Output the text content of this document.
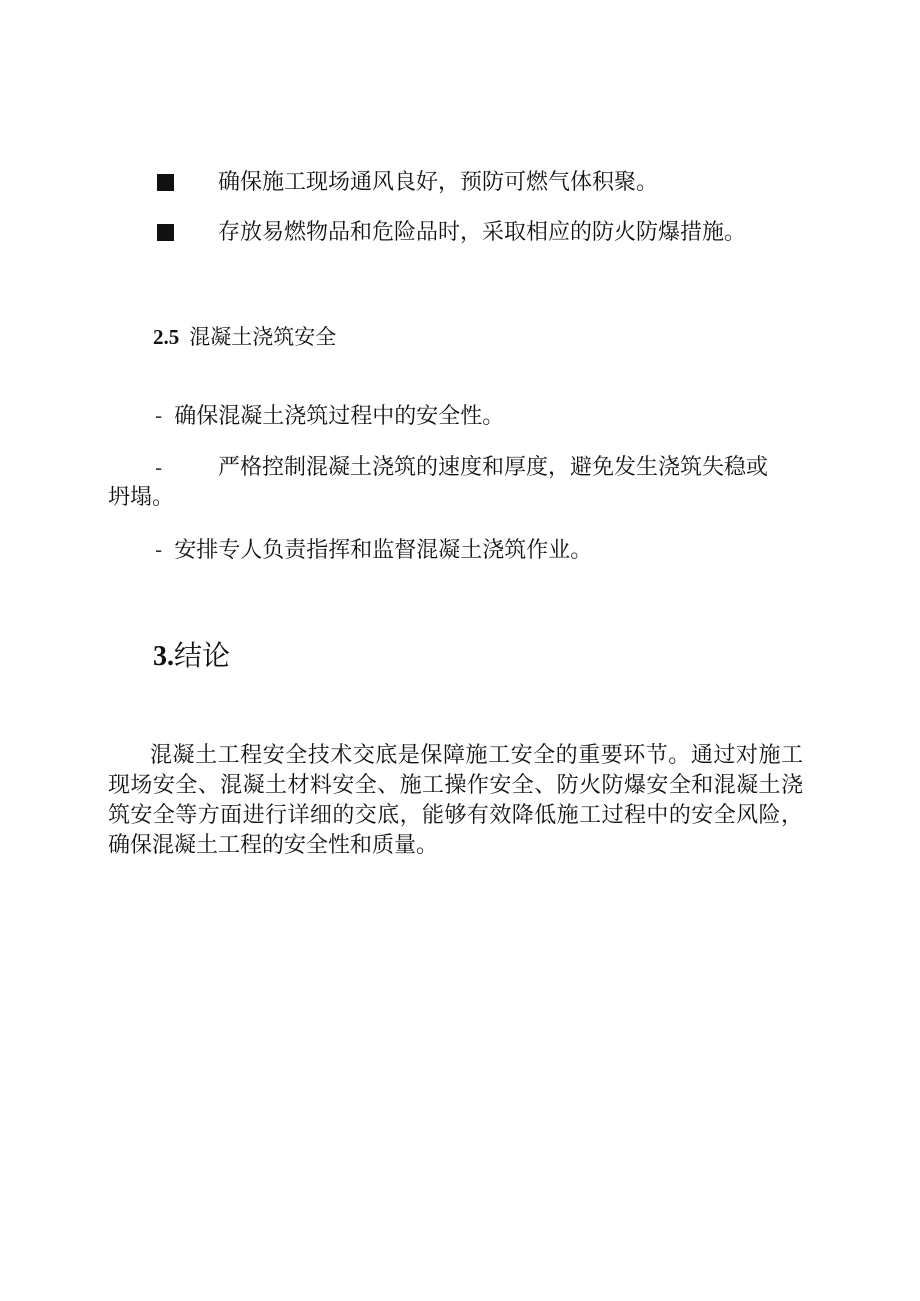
确保施工现场通风良好，预防可燃气体积聚。
存放易燃物品和危险品时，采取相应的防火防爆措施。
2.5 混凝土浇筑安全
- 确保混凝土浇筑过程中的安全性。
-	严格控制混凝土浇筑的速度和厚度，避免发生浇筑失稳或
坍塌。
- 安排专人负责指挥和监督混凝土浇筑作业。
3.结论

混凝土工程安全技术交底是保障施工安全的重要环节。通过对施工现场安全、混凝土材料安全、施工操作安全、防火防爆安全和混凝土浇筑安全等方面进行详细的交底，能够有效降低施工过程中的安全风险，确保混凝土工程的安全性和质量。
